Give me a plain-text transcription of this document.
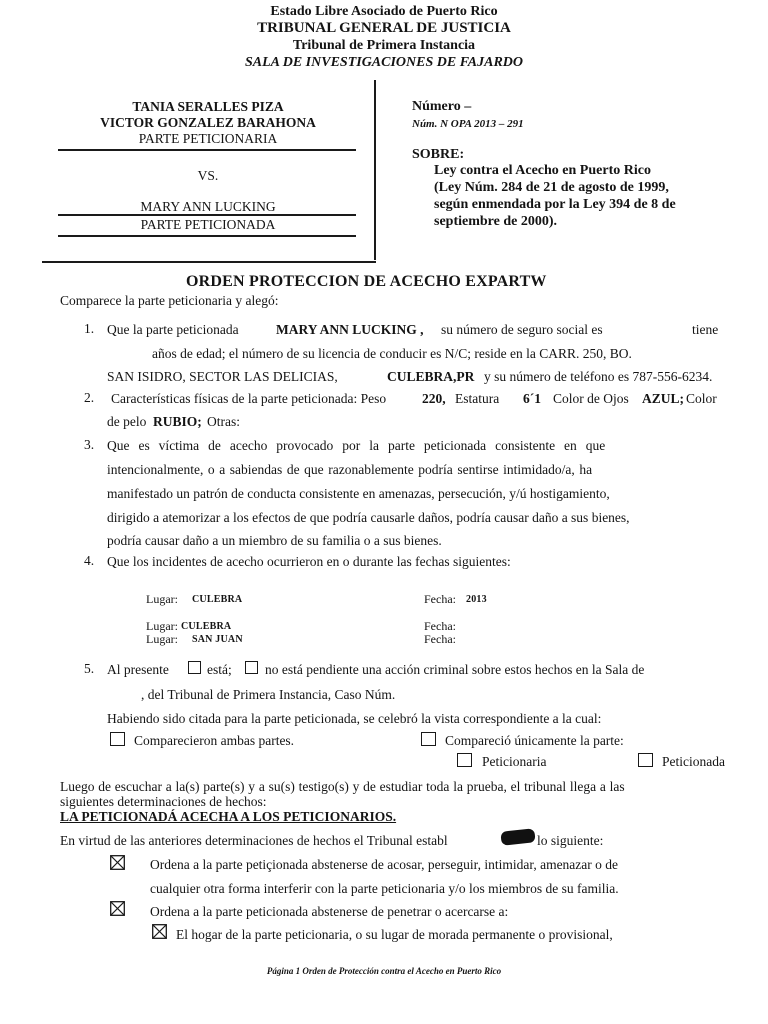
Estado Libre Asociado de Puerto Rico
TRIBUNAL GENERAL DE JUSTICIA
Tribunal de Primera Instancia
SALA DE INVESTIGACIONES DE FAJARDO
TANIA SERALLES PIZA
VICTOR GONZALEZ BARAHONA
PARTE PETICIONARIA
VS.
MARY ANN LUCKING
PARTE PETICIONADA
Número –
Núm. N OPA 2013 – 291
SOBRE:
Ley contra el Acecho en Puerto Rico
(Ley Núm. 284 de 21 de agosto de 1999,
según enmendada por la Ley 394 de 8 de
septiembre de 2000).
ORDEN PROTECCION DE ACECHO EXPARTW
Comparece la parte peticionaria y alegó:
1. Que la parte peticionada	MARY ANN LUCKING , su número de seguro social es	tiene
años de edad; el número de su licencia de conducir es N/C; reside en la CARR. 250, BO.
SAN ISIDRO, SECTOR LAS DELICIAS,	CULEBRA,PR y su número de teléfono es 787-556-6234.
2. Características físicas de la parte peticionada: Peso	220, Estatura 6´1 Color de Ojos AZUL; Color
de pelo RUBIO; Otras:
3. Que es víctima de acecho provocado por la parte peticionada consistente en que
intencionalmente, o a sabiendas de que razonablemente podría sentirse intimidado/a, ha
manifestado un patrón de conducta consistente en amenazas, persecución, y/ú hostigamiento,
dirigido a atemorizar a los efectos de que podría causarle daños, podría causar daño a sus bienes,
podría causar daño a un miembro de su familia o a sus bienes.
4. Que los incidentes de acecho ocurrieron en o durante las fechas siguientes:
Lugar: CULEBRA	Fecha: 2013
Lugar: CULEBRA	Fecha:
Lugar: SAN JUAN	Fecha:
5. Al presente	está; no está pendiente una acción criminal sobre estos hechos en la Sala de
, del Tribunal de Primera Instancia, Caso Núm.
Habiendo sido citada para la parte peticionada, se celebró la vista correspondiente a la cual:
Comparecieron ambas partes.	Compareció únicamente la parte:
Peticionaria	Peticionada
Luego de escuchar a la(s) parte(s) y a su(s) testigo(s) y de estudiar toda la prueba, el tribunal llega a las
siguientes determinaciones de hechos:
LA PETICIONADÁ ACECHA A LOS PETICIONARIOS.
En virtud de las anteriores determinaciones de hechos el Tribunal establ	lo siguiente:
Ordena a la parte petiçionada abstenerse de acosar, perseguir, intimidar, amenazar o de
cualquier otra forma interferir con la parte peticionaria y/o los miembros de su familia.
Ordena a la parte peticionada abstenerse de penetrar o acercarse a:
El hogar de la parte peticionaria, o su lugar de morada permanente o provisional,
Página 1 Orden de Protección contra el Acecho en Puerto Rico
